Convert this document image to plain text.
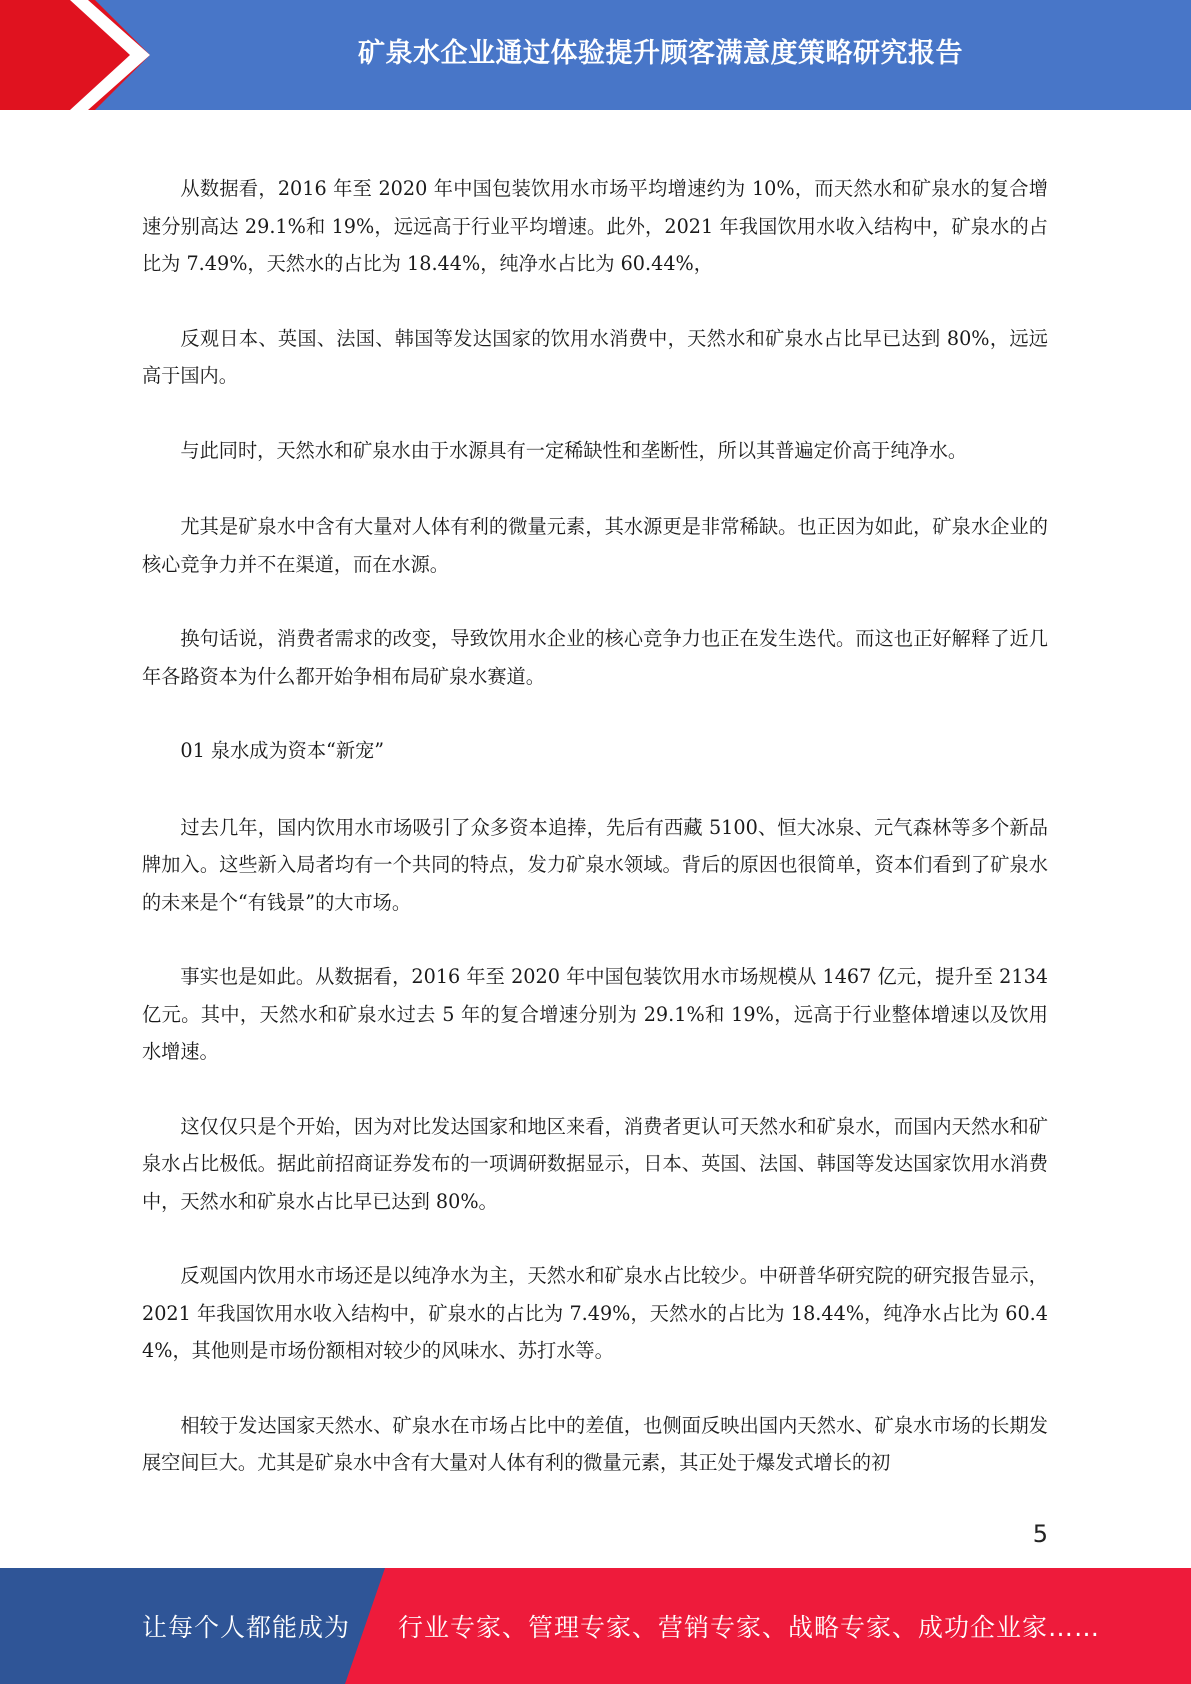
矿泉水企业通过体验提升顾客满意度策略研究报告

从数据看，2016 年至 2020 年中国包装饮用水市场平均增速约为 10%，而天然水和矿泉水的复合增速分别高达 29.1%和 19%，远远高于行业平均增速。此外，2021 年我国饮用水收入结构中，矿泉水的占比为 7.49%，天然水的占比为 18.44%，纯净水占比为 60.44%，

反观日本、英国、法国、韩国等发达国家的饮用水消费中，天然水和矿泉水占比早已达到 80%，远远高于国内。

与此同时，天然水和矿泉水由于水源具有一定稀缺性和垄断性，所以其普遍定价高于纯净水。

尤其是矿泉水中含有大量对人体有利的微量元素，其水源更是非常稀缺。也正因为如此，矿泉水企业的核心竞争力并不在渠道，而在水源。

换句话说，消费者需求的改变，导致饮用水企业的核心竞争力也正在发生迭代。而这也正好解释了近几年各路资本为什么都开始争相布局矿泉水赛道。

01 泉水成为资本“新宠”

过去几年，国内饮用水市场吸引了众多资本追捧，先后有西藏 5100、恒大冰泉、元气森林等多个新品牌加入。这些新入局者均有一个共同的特点，发力矿泉水领域。背后的原因也很简单，资本们看到了矿泉水的未来是个“有钱景”的大市场。

事实也是如此。从数据看，2016 年至 2020 年中国包装饮用水市场规模从 1467 亿元，提升至 2134 亿元。其中，天然水和矿泉水过去 5 年的复合增速分别为 29.1%和 19%，远高于行业整体增速以及饮用水增速。

这仅仅只是个开始，因为对比发达国家和地区来看，消费者更认可天然水和矿泉水，而国内天然水和矿泉水占比极低。据此前招商证券发布的一项调研数据显示，日本、英国、法国、韩国等发达国家饮用水消费中，天然水和矿泉水占比早已达到 80%。

反观国内饮用水市场还是以纯净水为主，天然水和矿泉水占比较少。中研普华研究院的研究报告显示，2021 年我国饮用水收入结构中，矿泉水的占比为 7.49%，天然水的占比为 18.44%，纯净水占比为 60.44%，其他则是市场份额相对较少的风味水、苏打水等。

相较于发达国家天然水、矿泉水在市场占比中的差值，也侧面反映出国内天然水、矿泉水市场的长期发展空间巨大。尤其是矿泉水中含有大量对人体有利的微量元素，其正处于爆发式增长的初

5
让每个人都能成为 行业专家、管理专家、营销专家、战略专家、成功企业家……
